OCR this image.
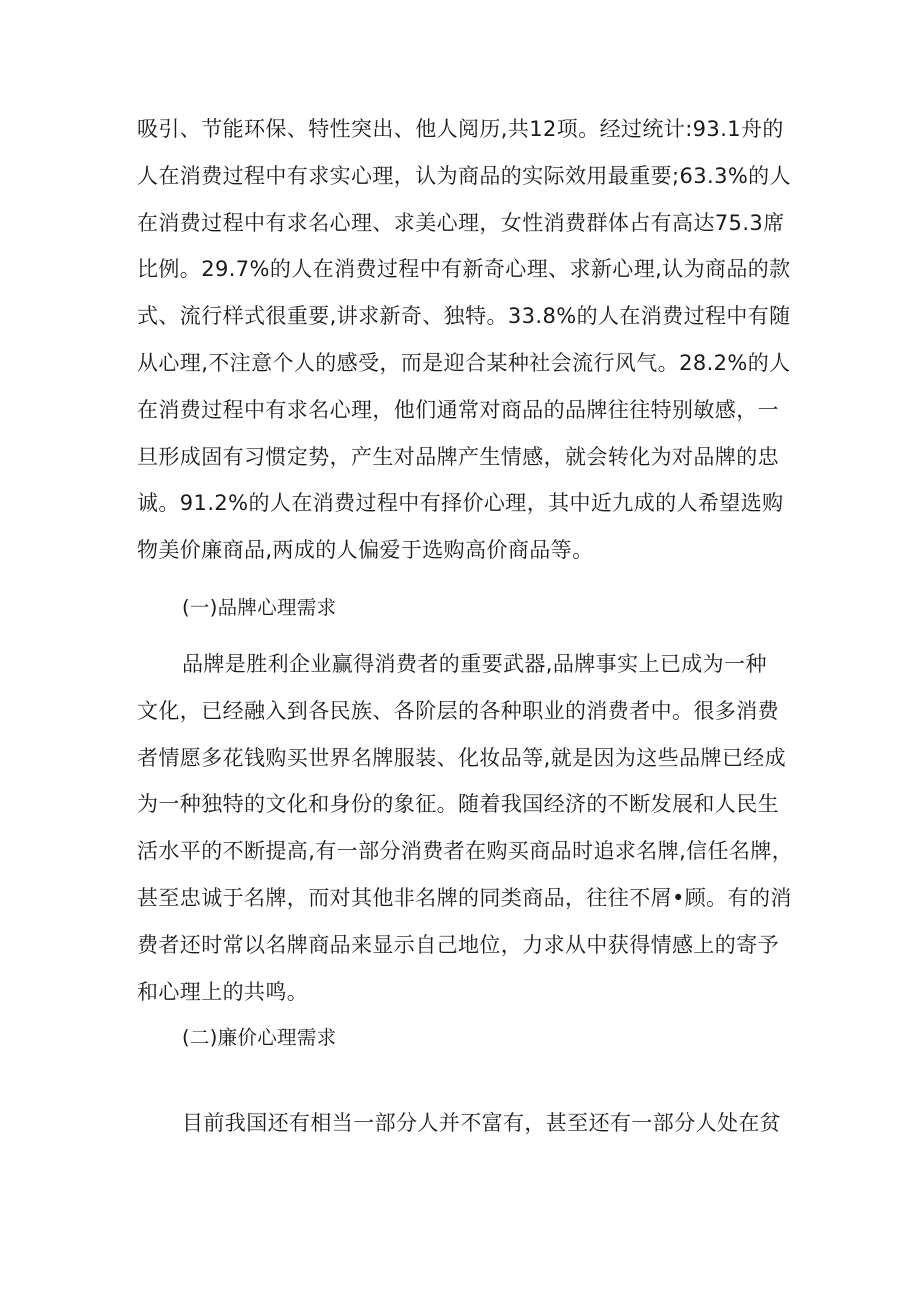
吸引、节能环保、特性突出、他人阅历,共12项。经过统计:93.1舟的
人在消费过程中有求实心理，认为商品的实际效用最重要;63.3%的人
在消费过程中有求名心理、求美心理，女性消费群体占有高达75.3席
比例。29.7%的人在消费过程中有新奇心理、求新心理,认为商品的款
式、流行样式很重要,讲求新奇、独特。33.8%的人在消费过程中有随
从心理,不注意个人的感受，而是迎合某种社会流行风气。28.2%的人
在消费过程中有求名心理，他们通常对商品的品牌往往特别敏感，一
旦形成固有习惯定势，产生对品牌产生情感，就会转化为对品牌的忠
诚。91.2%的人在消费过程中有择价心理，其中近九成的人希望选购
物美价廉商品,两成的人偏爱于选购高价商品等。
(一)品牌心理需求
品牌是胜利企业赢得消费者的重要武器,品牌事实上已成为一种
文化，已经融入到各民族、各阶层的各种职业的消费者中。很多消费
者情愿多花钱购买世界名牌服装、化妆品等,就是因为这些品牌已经成
为一种独特的文化和身份的象征。随着我国经济的不断发展和人民生
活水平的不断提高,有一部分消费者在购买商品时追求名牌,信任名牌，
甚至忠诚于名牌，而对其他非名牌的同类商品，往往不屑•顾。有的消
费者还时常以名牌商品来显示自己地位，力求从中获得情感上的寄予
和心理上的共鸣。
(二)廉价心理需求
目前我国还有相当一部分人并不富有，甚至还有一部分人处在贫
